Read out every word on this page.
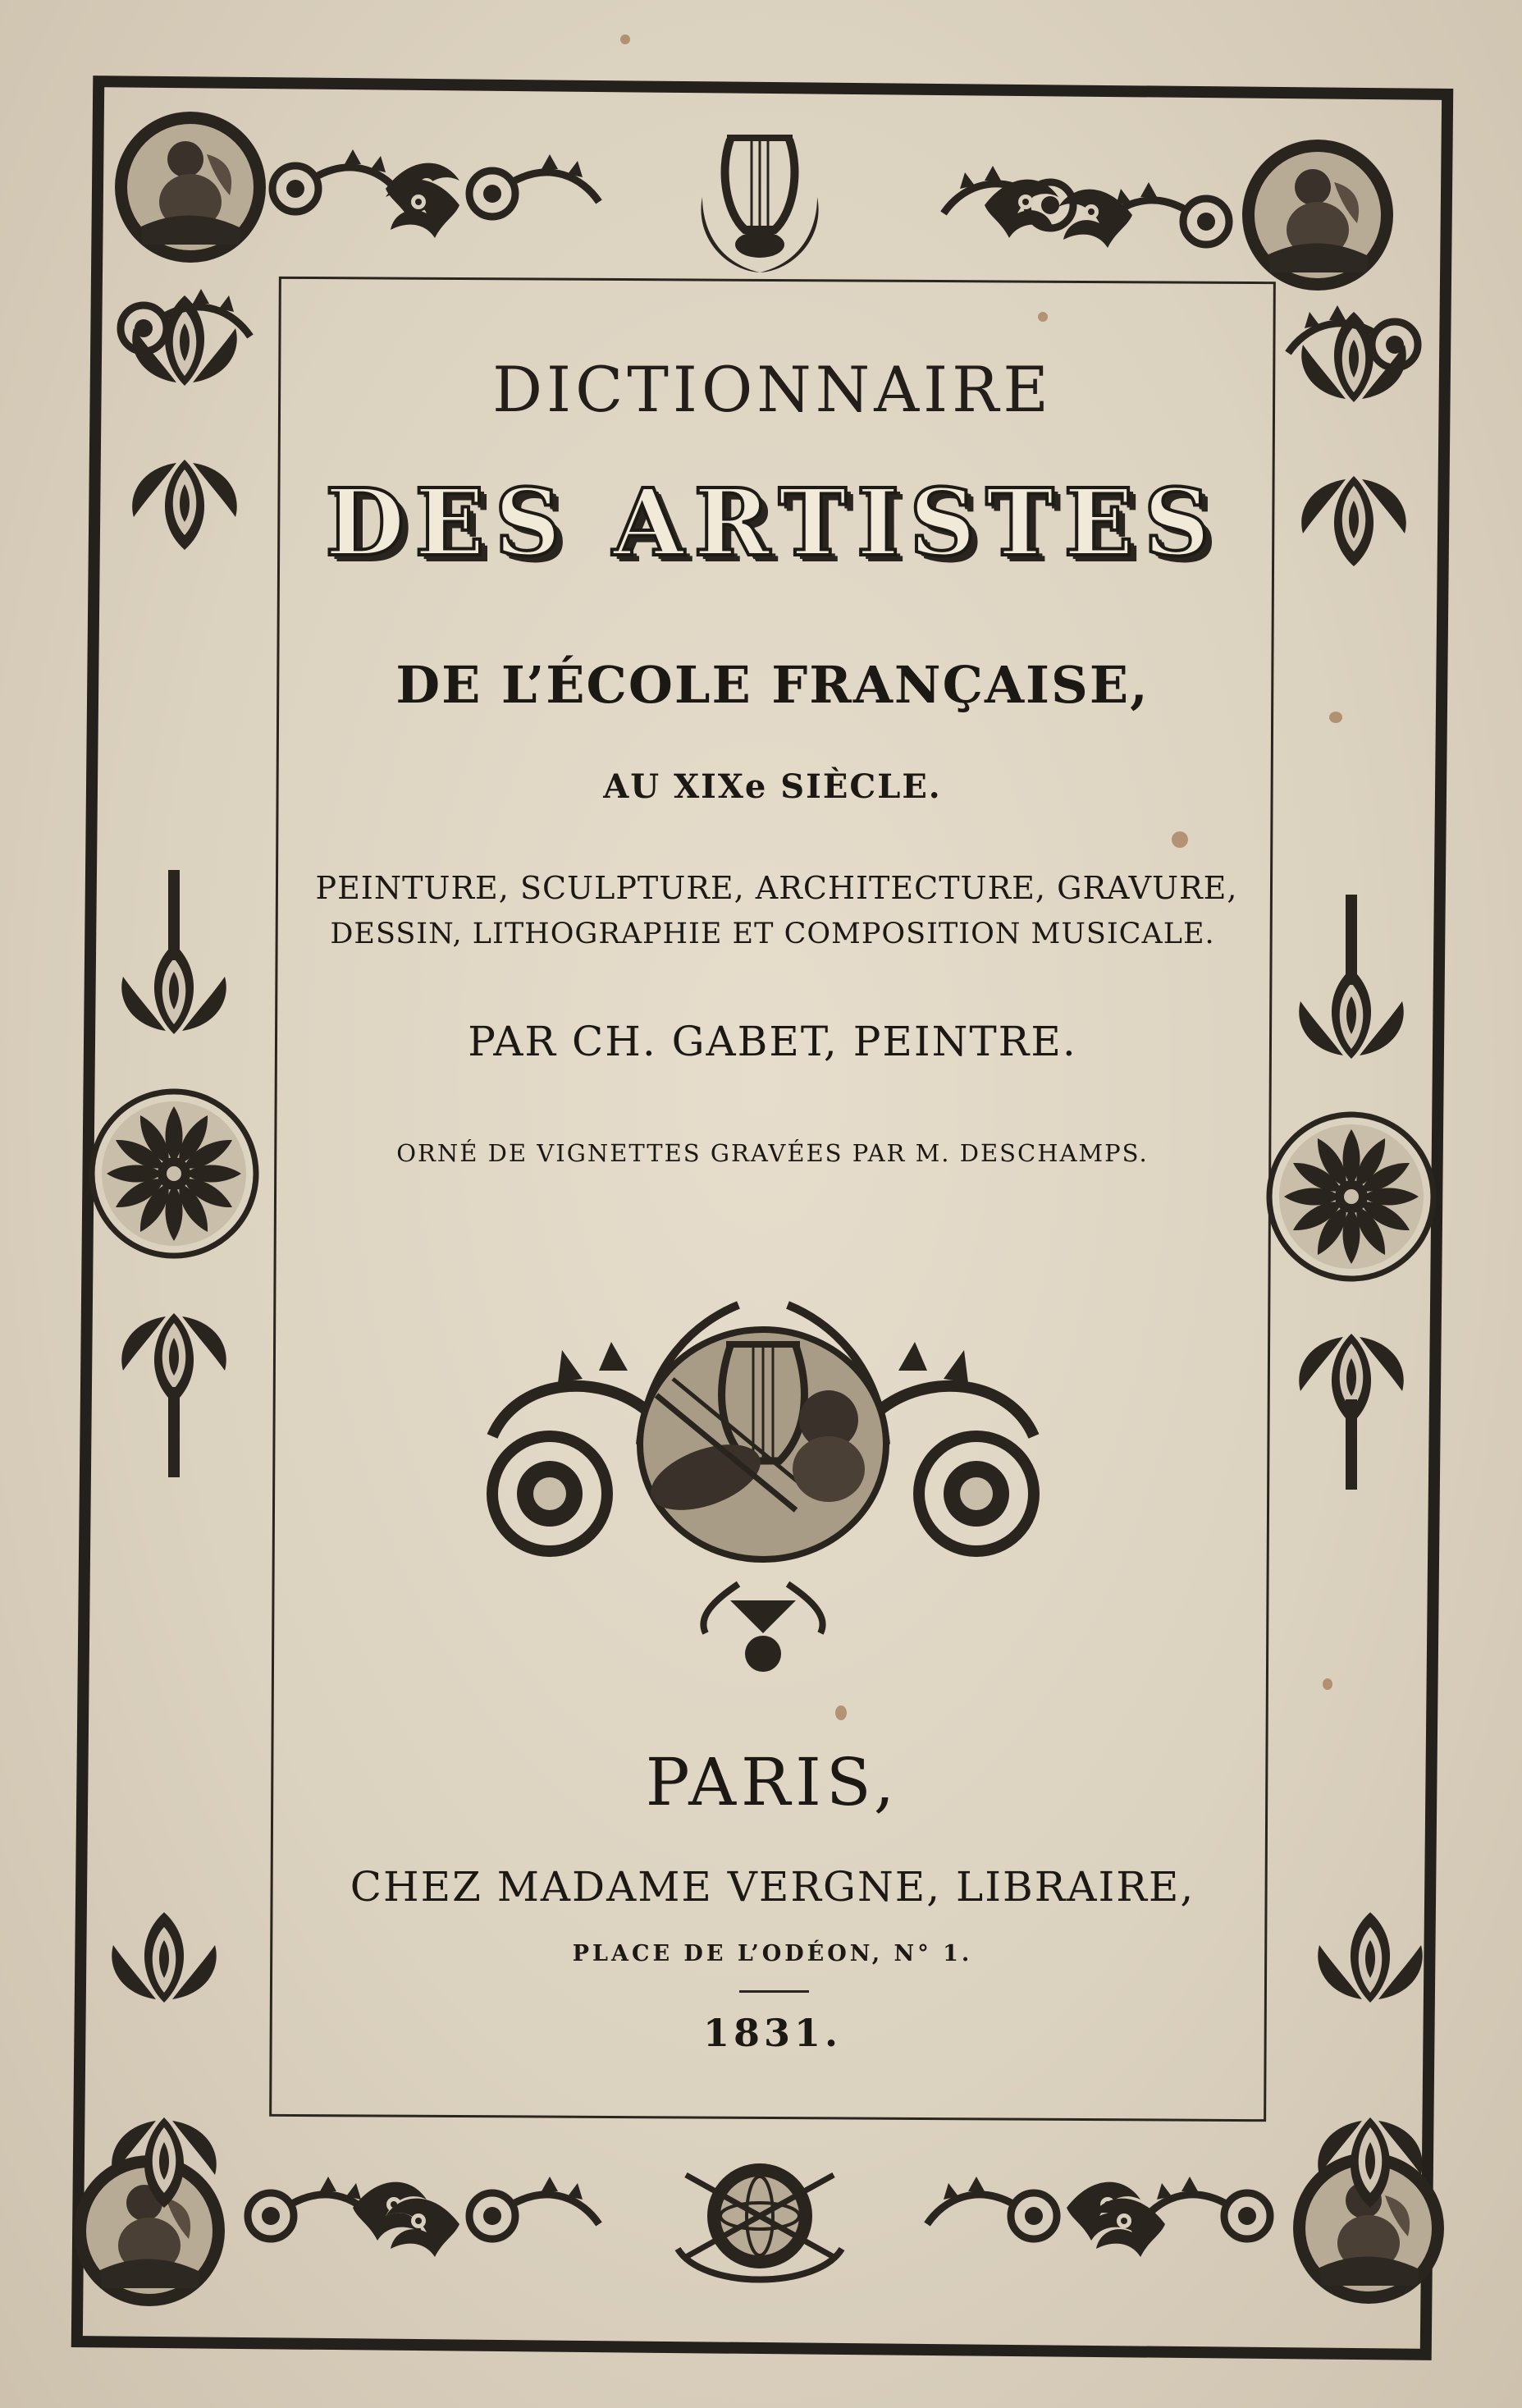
DICTIONNAIRE
DES ARTISTES
DE L’ÉCOLE FRANÇAISE,
AU XIXe SIÈCLE.
PEINTURE, SCULPTURE, ARCHITECTURE, GRAVURE,
DESSIN, LITHOGRAPHIE ET COMPOSITION MUSICALE.
PAR CH. GABET, PEINTRE.
ORNÉ DE VIGNETTES GRAVÉES PAR M. DESCHAMPS.
PARIS,
CHEZ MADAME VERGNE, LIBRAIRE,
PLACE DE L’ODÉON, N° 1.
1831.
